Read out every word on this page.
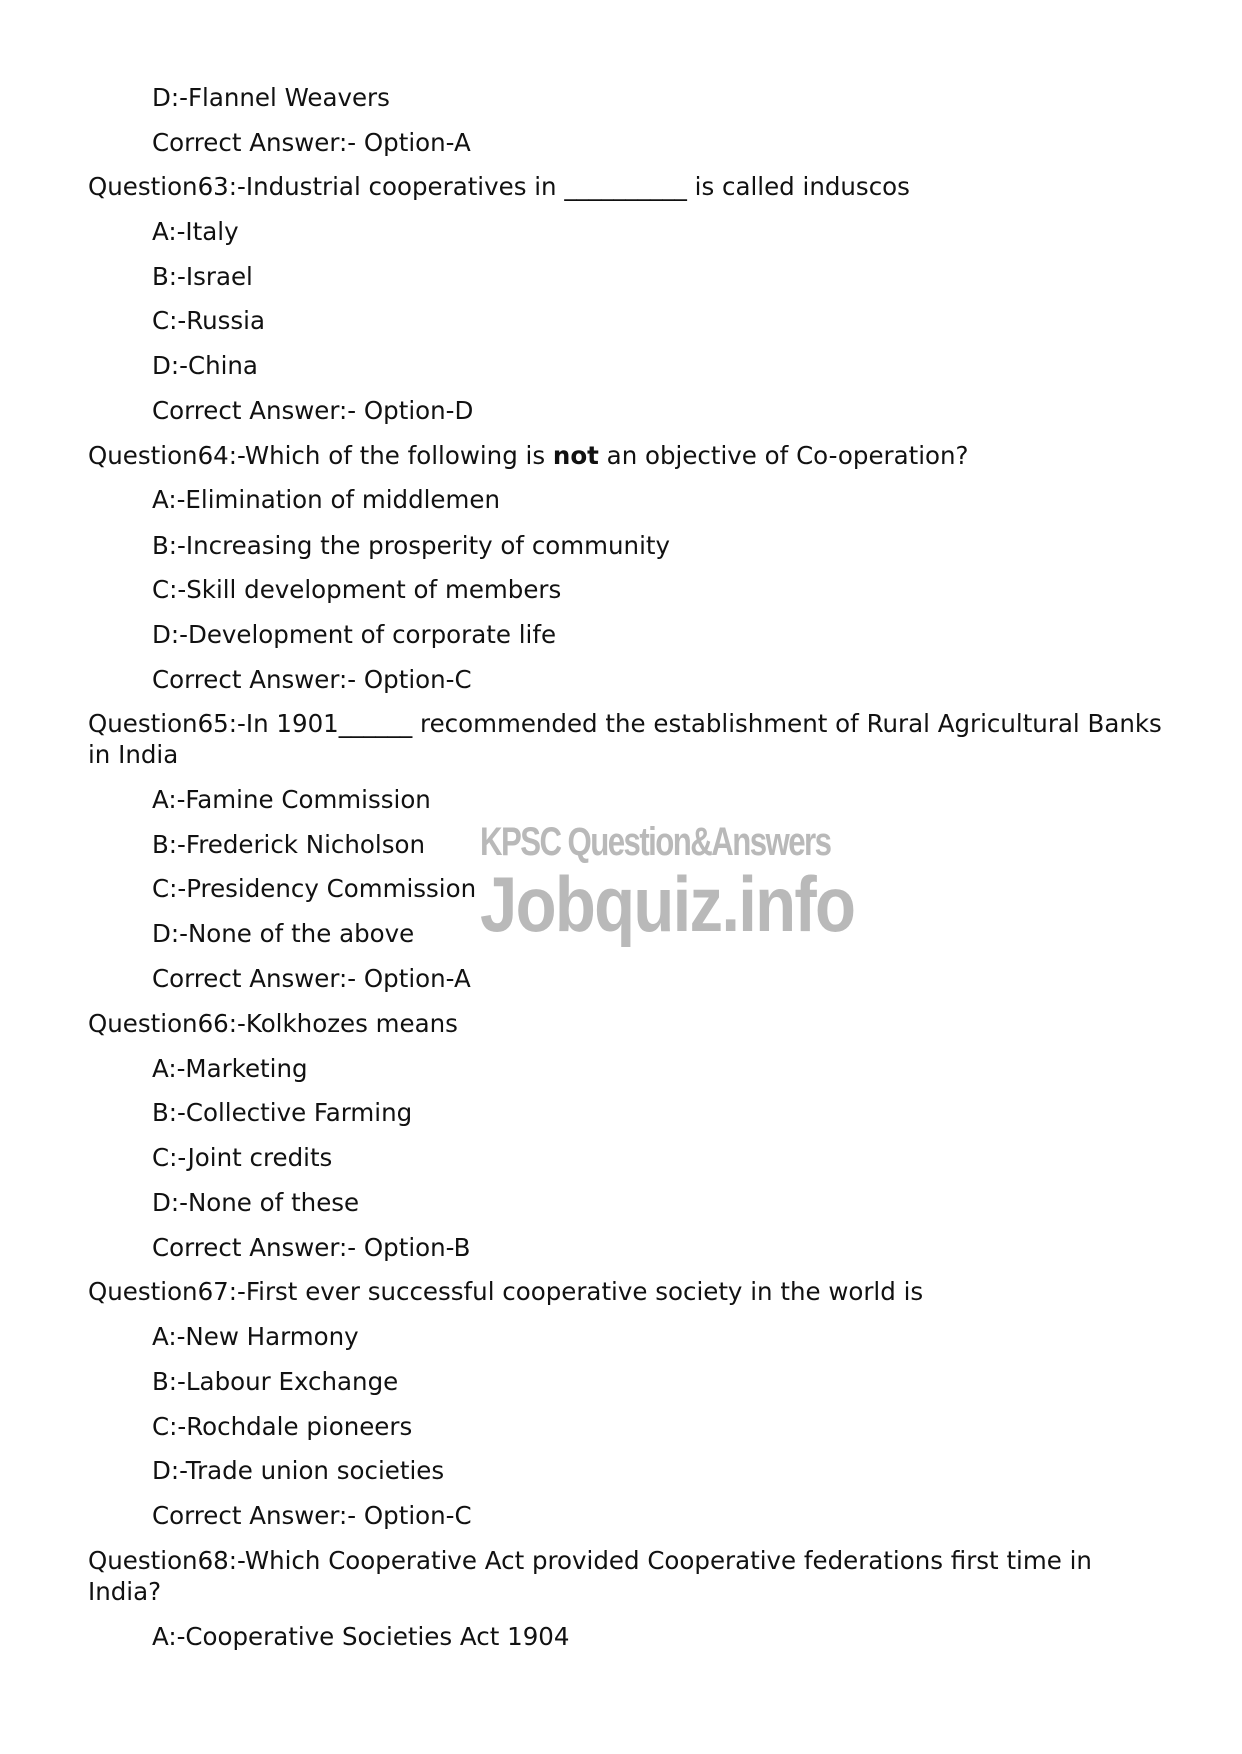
D:-Flannel Weavers
Correct Answer:- Option-A
Question63:-Industrial cooperatives in __________ is called induscos
A:-Italy
B:-Israel
C:-Russia
D:-China
Correct Answer:- Option-D
Question64:-Which of the following is not an objective of Co-operation?
A:-Elimination of middlemen
B:-Increasing the prosperity of community
C:-Skill development of members
D:-Development of corporate life
Correct Answer:- Option-C
Question65:-In 1901______ recommended the establishment of Rural Agricultural Banks in India
A:-Famine Commission
B:-Frederick Nicholson
C:-Presidency Commission
D:-None of the above
Correct Answer:- Option-A
Question66:-Kolkhozes means
A:-Marketing
B:-Collective Farming
C:-Joint credits
D:-None of these
Correct Answer:- Option-B
Question67:-First ever successful cooperative society in the world is
A:-New Harmony
B:-Labour Exchange
C:-Rochdale pioneers
D:-Trade union societies
Correct Answer:- Option-C
Question68:-Which Cooperative Act provided Cooperative federations first time in India?
A:-Cooperative Societies Act 1904
KPSC Question&Answers
Jobquiz.info
